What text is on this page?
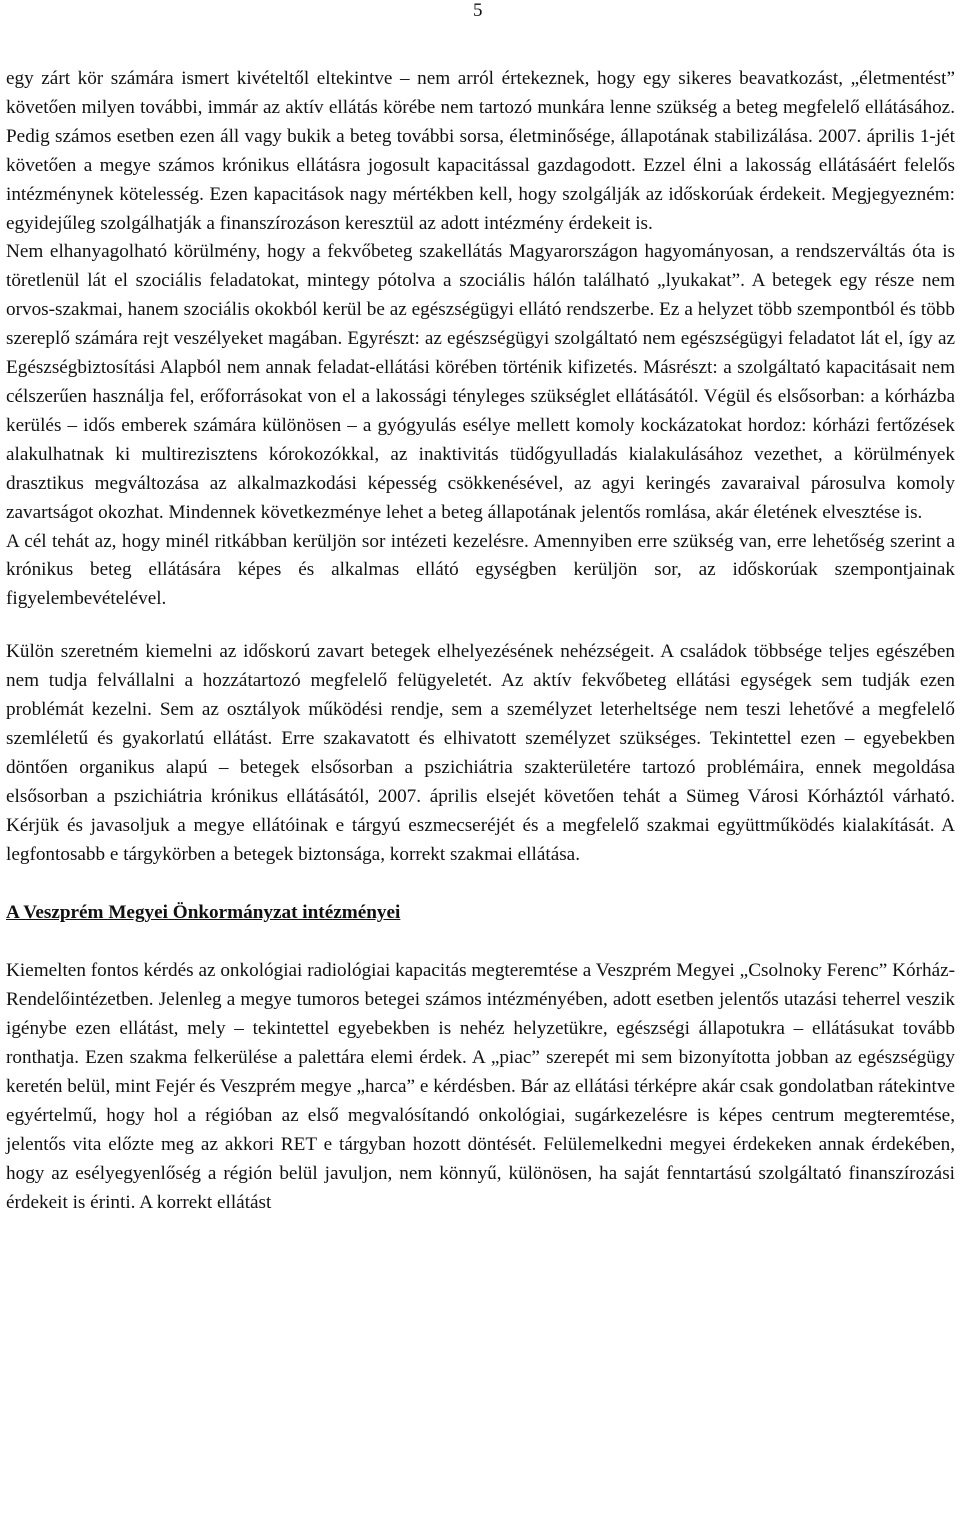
5

egy zárt kör számára ismert kivételtől eltekintve – nem arról értekeznek, hogy egy sikeres beavatkozást, „életmentést” követően milyen további, immár az aktív ellátás körébe nem tartozó munkára lenne szükség a beteg megfelelő ellátásához. Pedig számos esetben ezen áll vagy bukik a beteg további sorsa, életminősége, állapotának stabilizálása. 2007. április 1-jét követően a megye számos krónikus ellátásra jogosult kapacitással gazdagodott. Ezzel élni a lakosság ellátásáért felelős intézménynek kötelesség. Ezen kapacitások nagy mértékben kell, hogy szolgálják az időskorúak érdekeit. Megjegyezném: egyidejűleg szolgálhatják a finanszírozáson keresztül az adott intézmény érdekeit is.

Nem elhanyagolható körülmény, hogy a fekvőbeteg szakellátás Magyarországon hagyományosan, a rendszerváltás óta is töretlenül lát el szociális feladatokat, mintegy pótolva a szociális hálón található „lyukakat”. A betegek egy része nem orvos-szakmai, hanem szociális okokból kerül be az egészségügyi ellátó rendszerbe. Ez a helyzet több szempontból és több szereplő számára rejt veszélyeket magában. Egyrészt: az egészségügyi szolgáltató nem egészségügyi feladatot lát el, így az Egészségbiztosítási Alapból nem annak feladat-ellátási körében történik kifizetés. Másrészt: a szolgáltató kapacitásait nem célszerűen használja fel, erőforrásokat von el a lakossági tényleges szükséglet ellátásától. Végül és elsősorban: a kórházba kerülés – idős emberek számára különösen – a gyógyulás esélye mellett komoly kockázatokat hordoz: kórházi fertőzések alakulhatnak ki multirezisztens kórokozókkal, az inaktivitás tüdőgyulladás kialakulásához vezethet, a körülmények drasztikus megváltozása az alkalmazkodási képesség csökkenésével, az agyi keringés zavaraival párosulva komoly zavartságot okozhat. Mindennek következménye lehet a beteg állapotának jelentős romlása, akár életének elvesztése is.

A cél tehát az, hogy minél ritkábban kerüljön sor intézeti kezelésre. Amennyiben erre szükség van, erre lehetőség szerint a krónikus beteg ellátására képes és alkalmas ellátó egységben kerüljön sor, az időskorúak szempontjainak figyelembevételével.

Külön szeretném kiemelni az időskorú zavart betegek elhelyezésének nehézségeit. A családok többsége teljes egészében nem tudja felvállalni a hozzátartozó megfelelő felügyeletét. Az aktív fekvőbeteg ellátási egységek sem tudják ezen problémát kezelni. Sem az osztályok működési rendje, sem a személyzet leterheltsége nem teszi lehetővé a megfelelő szemléletű és gyakorlatú ellátást. Erre szakavatott és elhivatott személyzet szükséges. Tekintettel ezen – egyebekben döntően organikus alapú – betegek elsősorban a pszichiátria szakterületére tartozó problémáira, ennek megoldása elsősorban a pszichiátria krónikus ellátásától, 2007. április elsejét követően tehát a Sümeg Városi Kórháztól várható. Kérjük és javasoljuk a megye ellátóinak e tárgyú eszmecseréjét és a megfelelő szakmai együttműködés kialakítását. A legfontosabb e tárgykörben a betegek biztonsága, korrekt szakmai ellátása.

A Veszprém Megyei Önkormányzat intézményei

Kiemelten fontos kérdés az onkológiai radiológiai kapacitás megteremtése a Veszprém Megyei „Csolnoky Ferenc” Kórház-Rendelőintézetben. Jelenleg a megye tumoros betegei számos intézményében, adott esetben jelentős utazási teherrel veszik igénybe ezen ellátást, mely – tekintettel egyebekben is nehéz helyzetükre, egészségi állapotukra – ellátásukat tovább ronthatja. Ezen szakma felkerülése a palettára elemi érdek. A „piac” szerepét mi sem bizonyította jobban az egészségügy keretén belül, mint Fejér és Veszprém megye „harca” e kérdésben. Bár az ellátási térképre akár csak gondolatban rátekintve egyértelmű, hogy hol a régióban az első megvalósítandó onkológiai, sugárkezelésre is képes centrum megteremtése, jelentős vita előzte meg az akkori RET e tárgyban hozott döntését. Felülemelkedni megyei érdekeken annak érdekében, hogy az esélyegyenlőség a régión belül javuljon, nem könnyű, különösen, ha saját fenntartású szolgáltató finanszírozási érdekeit is érinti. A korrekt ellátást
